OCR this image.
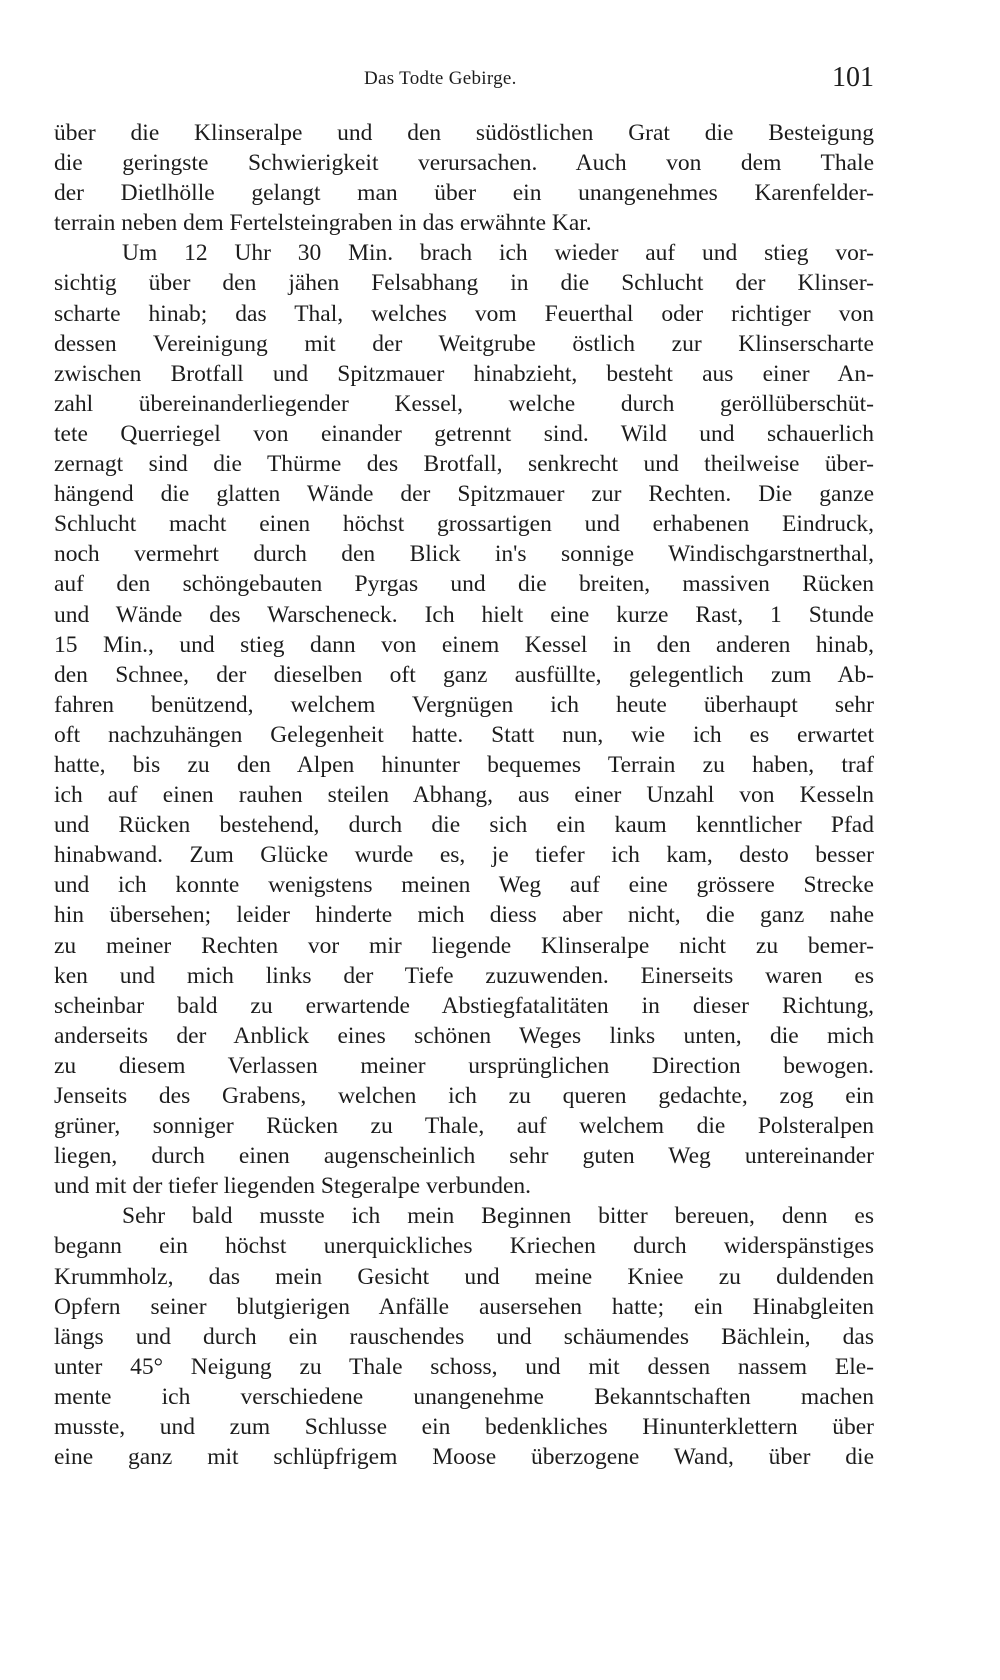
Das Todte Gebirge.	101
über die Klinseralpe und den südöstlichen Grat die Besteigung
die geringste Schwierigkeit verursachen. Auch von dem Thale
der Dietlhölle gelangt man über ein unangenehmes Karenfelder-
terrain neben dem Fertelsteingraben in das erwähnte Kar.
Um 12 Uhr 30 Min. brach ich wieder auf und stieg vor-
sichtig über den jähen Felsabhang in die Schlucht der Klinser-
scharte hinab; das Thal, welches vom Feuerthal oder richtiger von
dessen Vereinigung mit der Weitgrube östlich zur Klinserscharte
zwischen Brotfall und Spitzmauer hinabzieht, besteht aus einer An-
zahl übereinanderliegender Kessel, welche durch geröllüberschüt-
tete Querriegel von einander getrennt sind. Wild und schauerlich
zernagt sind die Thürme des Brotfall, senkrecht und theilweise über-
hängend die glatten Wände der Spitzmauer zur Rechten. Die ganze
Schlucht macht einen höchst grossartigen und erhabenen Eindruck,
noch vermehrt durch den Blick in's sonnige Windischgarstnerthal,
auf den schöngebauten Pyrgas und die breiten, massiven Rücken
und Wände des Warscheneck. Ich hielt eine kurze Rast, 1 Stunde
15 Min., und stieg dann von einem Kessel in den anderen hinab,
den Schnee, der dieselben oft ganz ausfüllte, gelegentlich zum Ab-
fahren benützend, welchem Vergnügen ich heute überhaupt sehr
oft nachzuhängen Gelegenheit hatte. Statt nun, wie ich es erwartet
hatte, bis zu den Alpen hinunter bequemes Terrain zu haben, traf
ich auf einen rauhen steilen Abhang, aus einer Unzahl von Kesseln
und Rücken bestehend, durch die sich ein kaum kenntlicher Pfad
hinabwand. Zum Glücke wurde es, je tiefer ich kam, desto besser
und ich konnte wenigstens meinen Weg auf eine grössere Strecke
hin übersehen; leider hinderte mich diess aber nicht, die ganz nahe
zu meiner Rechten vor mir liegende Klinseralpe nicht zu bemer-
ken und mich links der Tiefe zuzuwenden. Einerseits waren es
scheinbar bald zu erwartende Abstiegfatalitäten in dieser Richtung,
anderseits der Anblick eines schönen Weges links unten, die mich
zu diesem Verlassen meiner ursprünglichen Direction bewogen.
Jenseits des Grabens, welchen ich zu queren gedachte, zog ein
grüner, sonniger Rücken zu Thale, auf welchem die Polsteralpen
liegen, durch einen augenscheinlich sehr guten Weg untereinander
und mit der tiefer liegenden Stegeralpe verbunden.
Sehr bald musste ich mein Beginnen bitter bereuen, denn es
begann ein höchst unerquickliches Kriechen durch widerspänstiges
Krummholz, das mein Gesicht und meine Kniee zu duldenden
Opfern seiner blutgierigen Anfälle ausersehen hatte; ein Hinabgleiten
längs und durch ein rauschendes und schäumendes Bächlein, das
unter 45° Neigung zu Thale schoss, und mit dessen nassem Ele-
mente ich verschiedene unangenehme Bekanntschaften machen
musste, und zum Schlusse ein bedenkliches Hinunterklettern über
eine ganz mit schlüpfrigem Moose überzogene Wand, über die
